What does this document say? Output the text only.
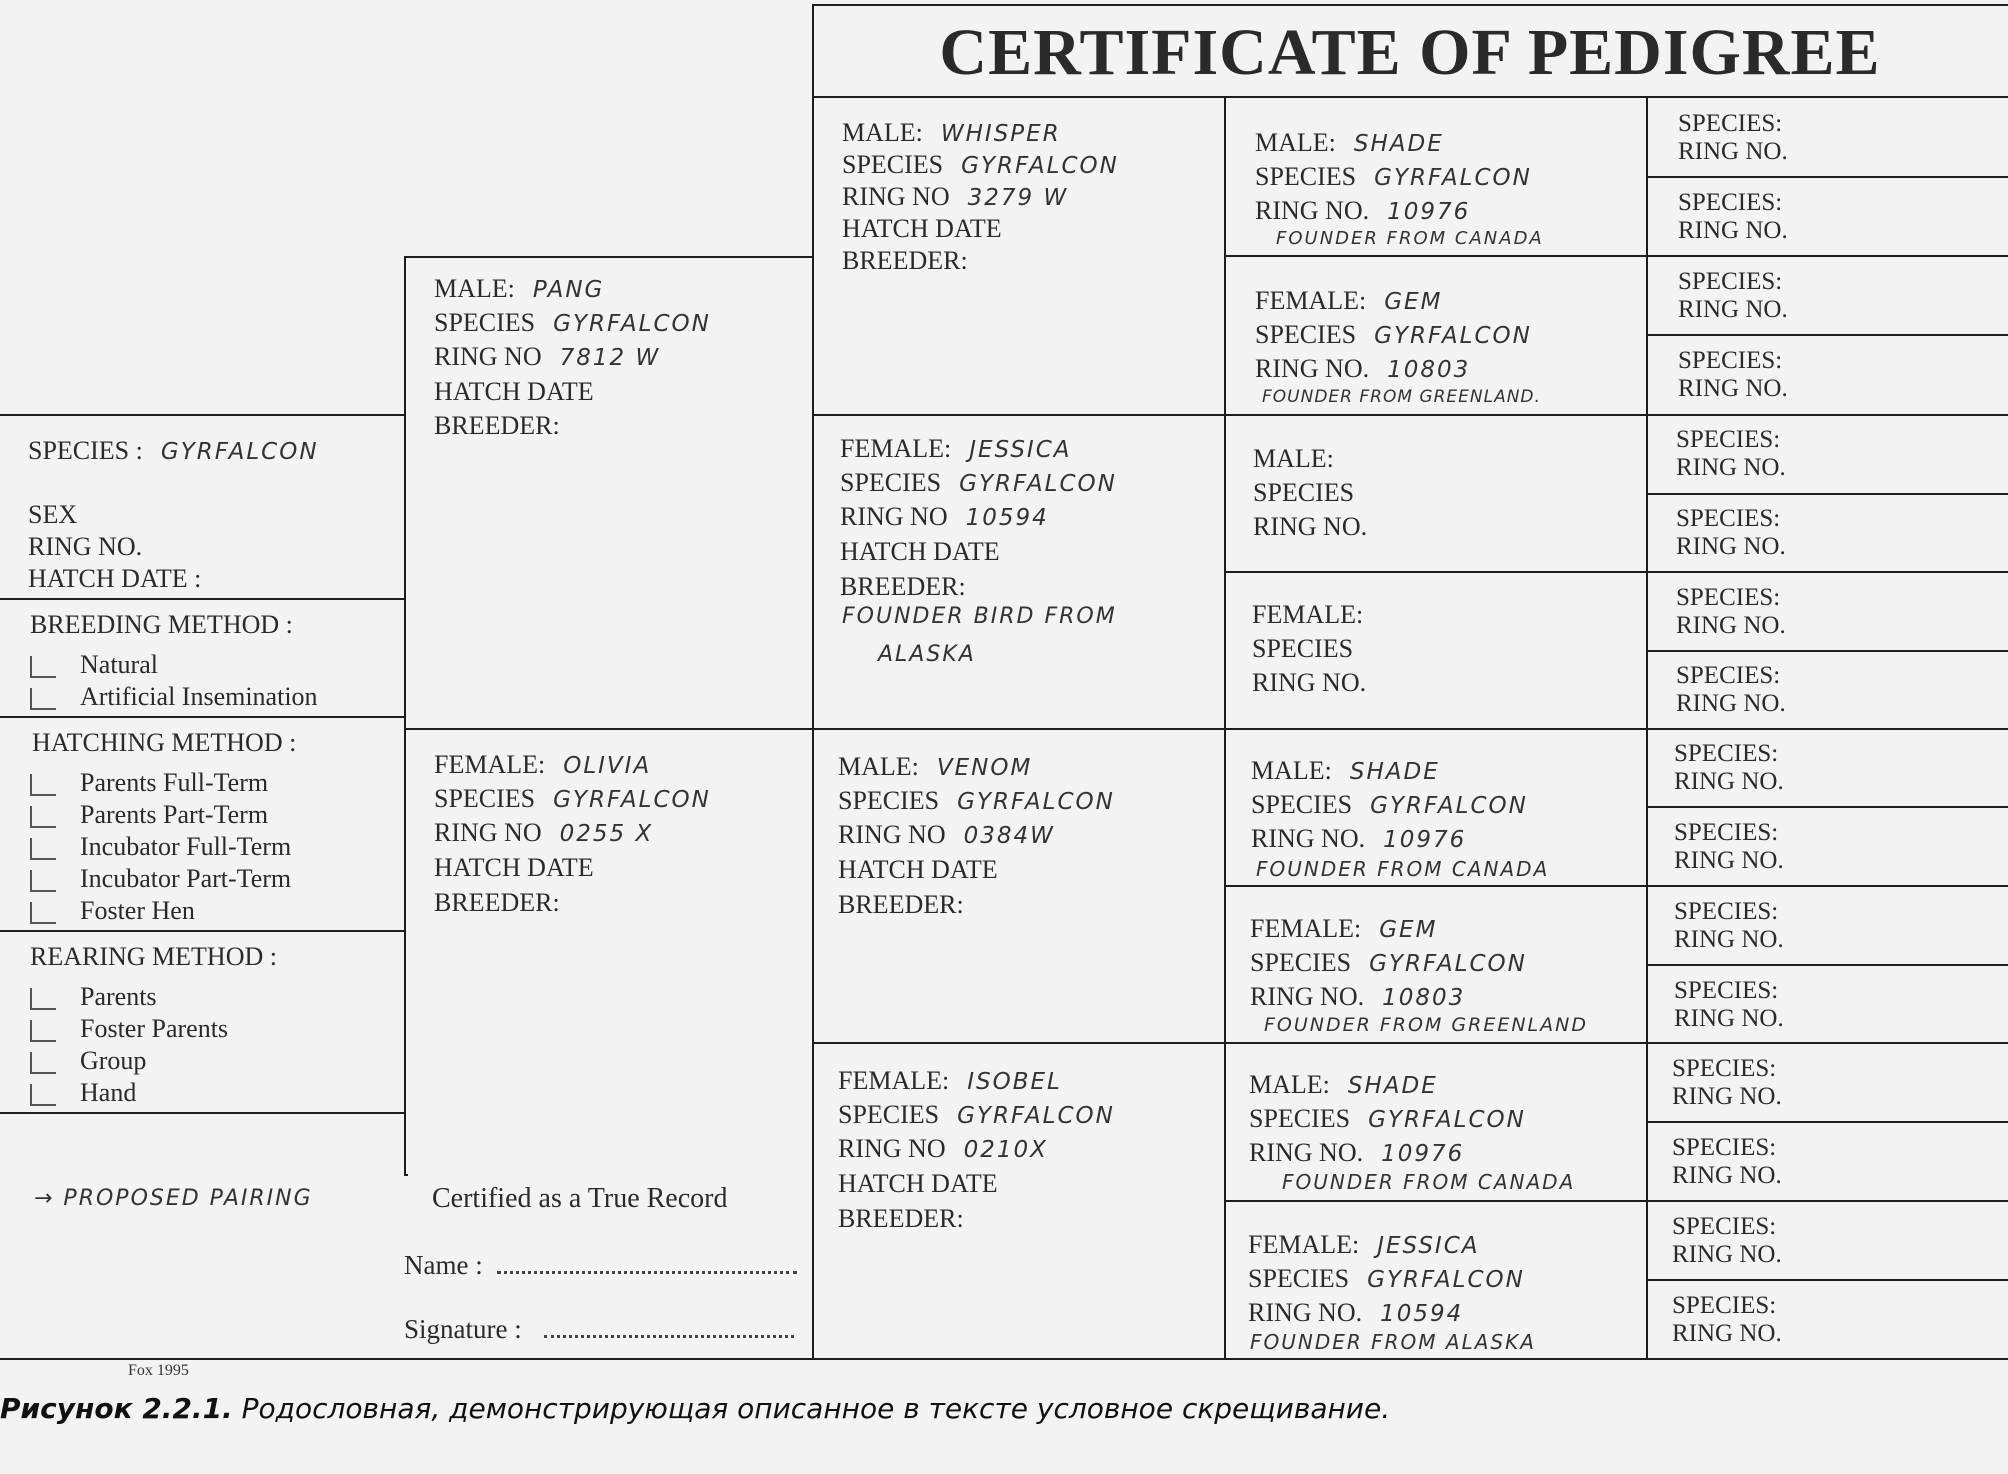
CERTIFICATE OF PEDIGREE
SPECIES : GYRFALCON
SEX
RING NO.
HATCH DATE :
BREEDING METHOD :
Natural
Artificial Insemination
HATCHING METHOD :
Parents Full-Term
Parents Part-Term
Incubator Full-Term
Incubator Part-Term
Foster Hen
REARING METHOD :
Parents
Foster Parents
Group
Hand
→ PROPOSED PAIRING
MALE: PANG
SPECIES GYRFALCON
RING NO 7812 W
HATCH DATE
BREEDER:
FEMALE: OLIVIA
SPECIES GYRFALCON
RING NO 0255 X
HATCH DATE
BREEDER:
Certified as a True Record
Name :
Signature :
MALE: WHISPER
SPECIES GYRFALCON
RING NO 3279 W
HATCH DATE
BREEDER:
FEMALE: JESSICA
SPECIES GYRFALCON
RING NO 10594
HATCH DATE
BREEDER:
FOUNDER BIRD FROM
ALASKA
MALE: VENOM
SPECIES GYRFALCON
RING NO 0384W
HATCH DATE
BREEDER:
FEMALE: ISOBEL
SPECIES GYRFALCON
RING NO 0210X
HATCH DATE
BREEDER:
MALE: SHADE
SPECIES GYRFALCON
RING NO. 10976
FOUNDER FROM CANADA
FEMALE: GEM
SPECIES GYRFALCON
RING NO. 10803
FOUNDER FROM GREENLAND.
MALE:
SPECIES
RING NO.
FEMALE:
SPECIES
RING NO.
MALE: SHADE
SPECIES GYRFALCON
RING NO. 10976
FOUNDER FROM CANADA
FEMALE: GEM
SPECIES GYRFALCON
RING NO. 10803
FOUNDER FROM GREENLAND
MALE: SHADE
SPECIES GYRFALCON
RING NO. 10976
FOUNDER FROM CANADA
FEMALE: JESSICA
SPECIES GYRFALCON
RING NO. 10594
FOUNDER FROM ALASKA
SPECIES:
RING NO.
SPECIES:
RING NO.
SPECIES:
RING NO.
SPECIES:
RING NO.
SPECIES:
RING NO.
SPECIES:
RING NO.
SPECIES:
RING NO.
SPECIES:
RING NO.
SPECIES:
RING NO.
SPECIES:
RING NO.
SPECIES:
RING NO.
SPECIES:
RING NO.
SPECIES:
RING NO.
SPECIES:
RING NO.
SPECIES:
RING NO.
SPECIES:
RING NO.
Fox 1995
Рисунок 2.2.1. Родословная, демонстрирующая описанное в тексте условное скрещивание.
